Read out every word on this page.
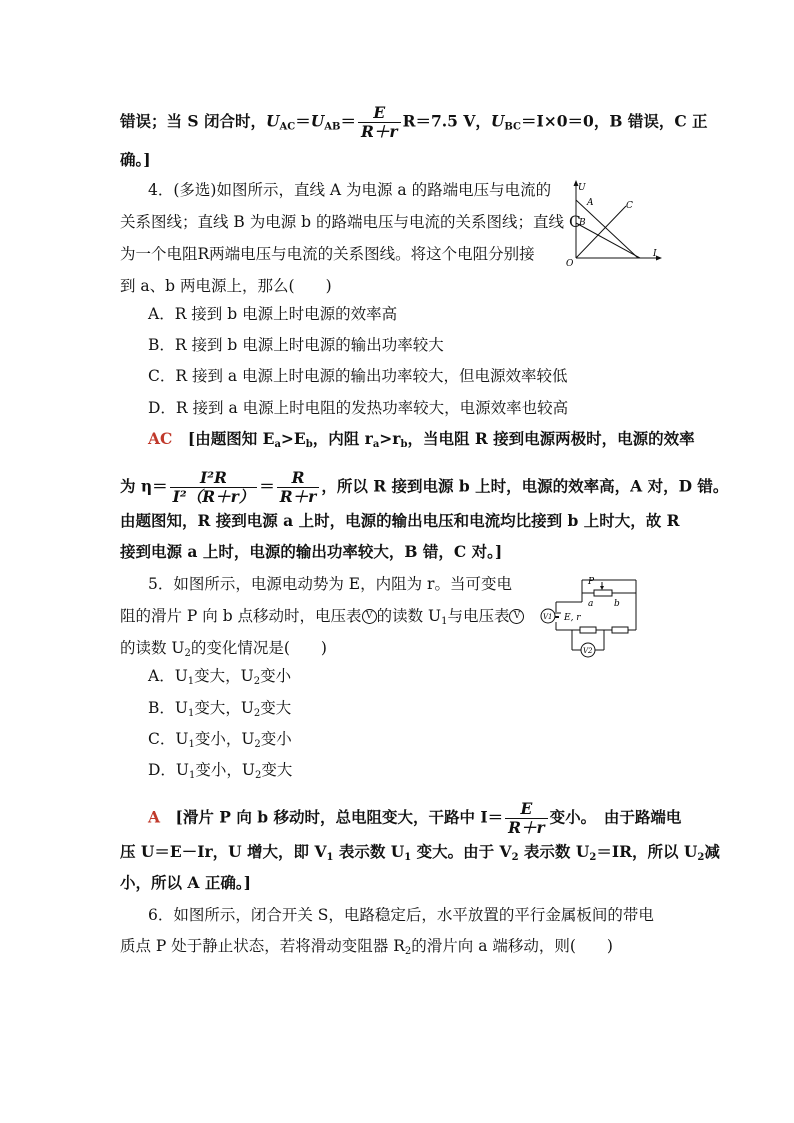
错误；当 S 闭合时，$U_{AC}=U_{AB}= \frac{E}{R+r} R=7.5$ V，$U_{BC}=I\times 0=0$，B 错误，C 正
确。]
4．(多选)如图所示，直线 A 为电源 a 的路端电压与电流的
关系图线；直线 B 为电源 b 的路端电压与电流的关系图线；直线 C
为一个电阻R两端电压与电流的关系图线。将这个电阻分别接
到 a、b 两电源上，那么(　　)
U
I
O
A
B
C
A．R 接到 b 电源上时电源的效率高
B．R 接到 b 电源上时电源的输出功率较大
C．R 接到 a 电源上时电源的输出功率较大，但电源效率较低
D．R 接到 a 电源上时电阻的发热功率较大，电源效率也较高
AC　 [由题图知 $E_a>E_b$，内阻 $r_a>r_b$，当电阻 R 接到电源两极时，电源的效率
为 $\eta= \frac{\text{I²R}}{\text{I²（R＋r）}} = \frac{R}{R+r}$ ，所以 R 接到电源 b 上时，电源的效率高，A 对，D 错。
由题图知，R 接到电源 a 上时，电源的输出电压和电流均比接到 b 上时大，故 R
接到电源 a 上时，电源的输出功率较大，B 错，C 对。]
5．如图所示，电源电动势为 E，内阻为 r。当可变电
阻的滑片 P 向 b 点移动时，电压表 V 的读数 $U_1$与电压表 V
的读数 $U_2$的变化情况是(　　)
P
a b
E, r
V1
V2
A．$U_1$变大，$U_2$变小
B．$U_1$变大，$U_2$变大
C．$U_1$变小，$U_2$变小
D．$U_1$变小，$U_2$变大
A　 [滑片 P 向 b 移动时，总电阻变大，干路中 $I= \frac{E}{R+r}$ 变小。　由于路端电
压 U＝E－Ir，U 增大，即 $V_1$ 表示数 $U_1$ 变大。由于 $V_2$ 表示数 $U_2=IR$，所以 $U_2$减
小，所以 A 正确。]
6．如图所示，闭合开关 S，电路稳定后，水平放置的平行金属板间的带电
质点 P 处于静止状态，若将滑动变阻器 $R_2$的滑片向 a 端移动，则(　　)
